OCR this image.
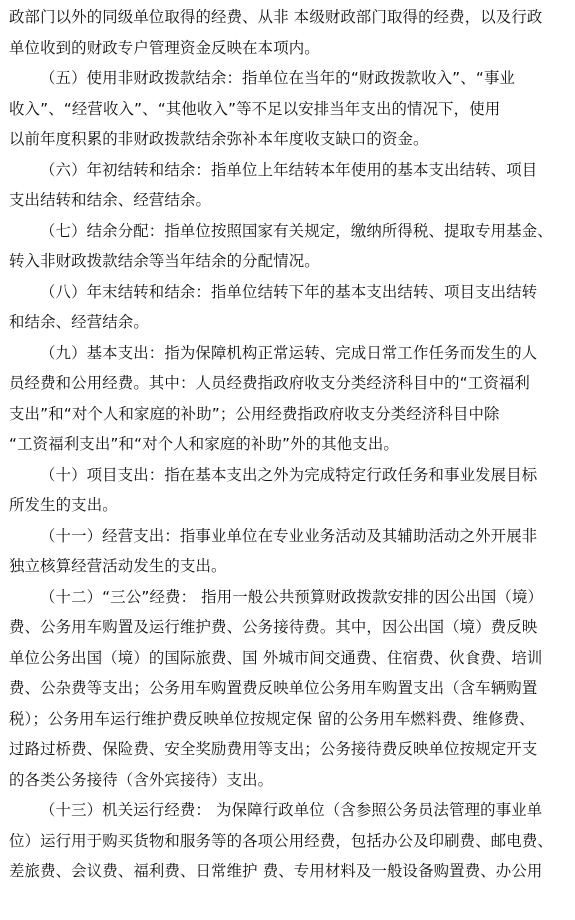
政部门以外的同级单位取得的经费、从非 本级财政部门取得的经费，以及行政
单位收到的财政专户管理资金反映在本项内。
（五）使用非财政拨款结余：指单位在当年的“财政拨款收入”、“事业
收入”、“经营收入”、“其他收入”等不足以安排当年支出的情况下，使用
以前年度积累的非财政拨款结余弥补本年度收支缺口的资金。
（六）年初结转和结余：指单位上年结转本年使用的基本支出结转、项目
支出结转和结余、经营结余。
（七）结余分配：指单位按照国家有关规定，缴纳所得税、提取专用基金、
转入非财政拨款结余等当年结余的分配情况。
（八）年末结转和结余：指单位结转下年的基本支出结转、项目支出结转
和结余、经营结余。
（九）基本支出：指为保障机构正常运转、完成日常工作任务而发生的人
员经费和公用经费。其中：人员经费指政府收支分类经济科目中的“工资福利
支出”和“对个人和家庭的补助”；公用经费指政府收支分类经济科目中除
“工资福利支出”和“对个人和家庭的补助”外的其他支出。
（十）项目支出：指在基本支出之外为完成特定行政任务和事业发展目标
所发生的支出。
（十一）经营支出：指事业单位在专业业务活动及其辅助活动之外开展非
独立核算经营活动发生的支出。
（十二）“三公”经费： 指用一般公共预算财政拨款安排的因公出国（境）
费、公务用车购置及运行维护费、公务接待费。其中，因公出国（境）费反映
单位公务出国（境）的国际旅费、国 外城市间交通费、住宿费、伙食费、培训
费、公杂费等支出；公务用车购置费反映单位公务用车购置支出（含车辆购置
税）；公务用车运行维护费反映单位按规定保 留的公务用车燃料费、维修费、
过路过桥费、保险费、安全奖励费用等支出；公务接待费反映单位按规定开支
的各类公务接待（含外宾接待）支出。
（十三）机关运行经费： 为保障行政单位（含参照公务员法管理的事业单
位）运行用于购买货物和服务等的各项公用经费，包括办公及印刷费、邮电费、
差旅费、会议费、福利费、日常维护 费、专用材料及一般设备购置费、办公用
